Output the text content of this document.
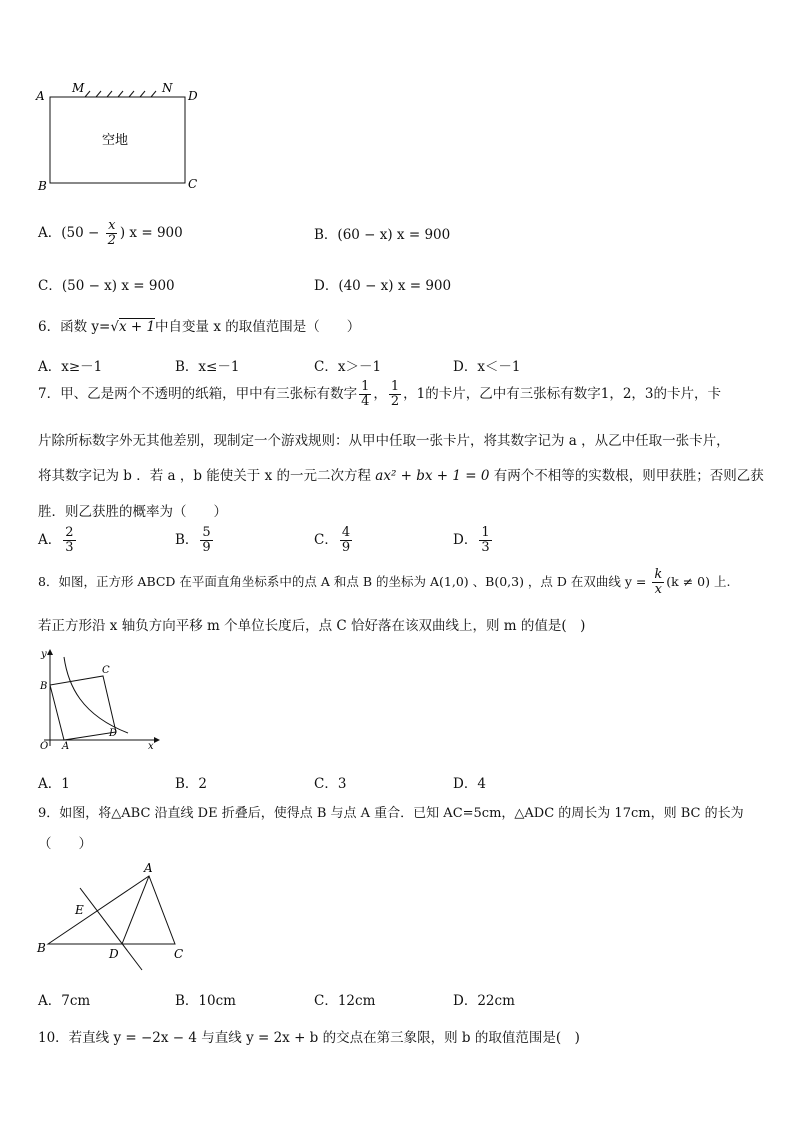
A
M	N
D
B	C
空地
A．($50 - \frac{x}{2}$ ) x = 900	B．(60 − x) x = 900
C．(50 − x) x = 900	D．(40 − x) x = 900
6．函数 y=√x + 1中自变量 x 的取值范围是（　　）
A．x≥－1	B．x≤－1	C．x＞－1	D．x＜－1
7．甲、乙是两个不透明的纸箱，甲中有三张标有数字 $\frac{1}{4}$ ， $\frac{1}{2}$ ，1的卡片，乙中有三张标有数字1，2，3的卡片，卡
片除所标数字外无其他差别，现制定一个游戏规则：从甲中任取一张卡片，将其数字记为 a ，从乙中任取一张卡片，
将其数字记为 b ．若 a ，b 能使关于 x 的一元二次方程 ax² + bx + 1 = 0 有两个不相等的实数根，则甲获胜；否则乙获
胜．则乙获胜的概率为（　　）
A． $\frac{2}{3}$	B． $\frac{5}{9}$	C． $\frac{4}{9}$	D． $\frac{1}{3}$
8．如图，正方形 ABCD 在平面直角坐标系中的点 A 和点 B 的坐标为 A(1,0) 、B(0,3) ，点 D 在双曲线 $y = \frac{k}{x} (k \ne 0)$ 上.
若正方形沿 x 轴负方向平移 m 个单位长度后，点 C 恰好落在该双曲线上，则 m 的值是(　)
y
x
O A
B
C
D
A．1	B．2	C．3	D．4
9．如图，将△ABC 沿直线 DE 折叠后，使得点 B 与点 A 重合．已知 AC=5cm，△ADC 的周长为 17cm，则 BC 的长为
（　　）
A
B	C
D
E
A．7cm	B．10cm	C．12cm	D．22cm
10．若直线 y = −2x − 4 与直线 y = 2x + b 的交点在第三象限，则 b 的取值范围是(　)
